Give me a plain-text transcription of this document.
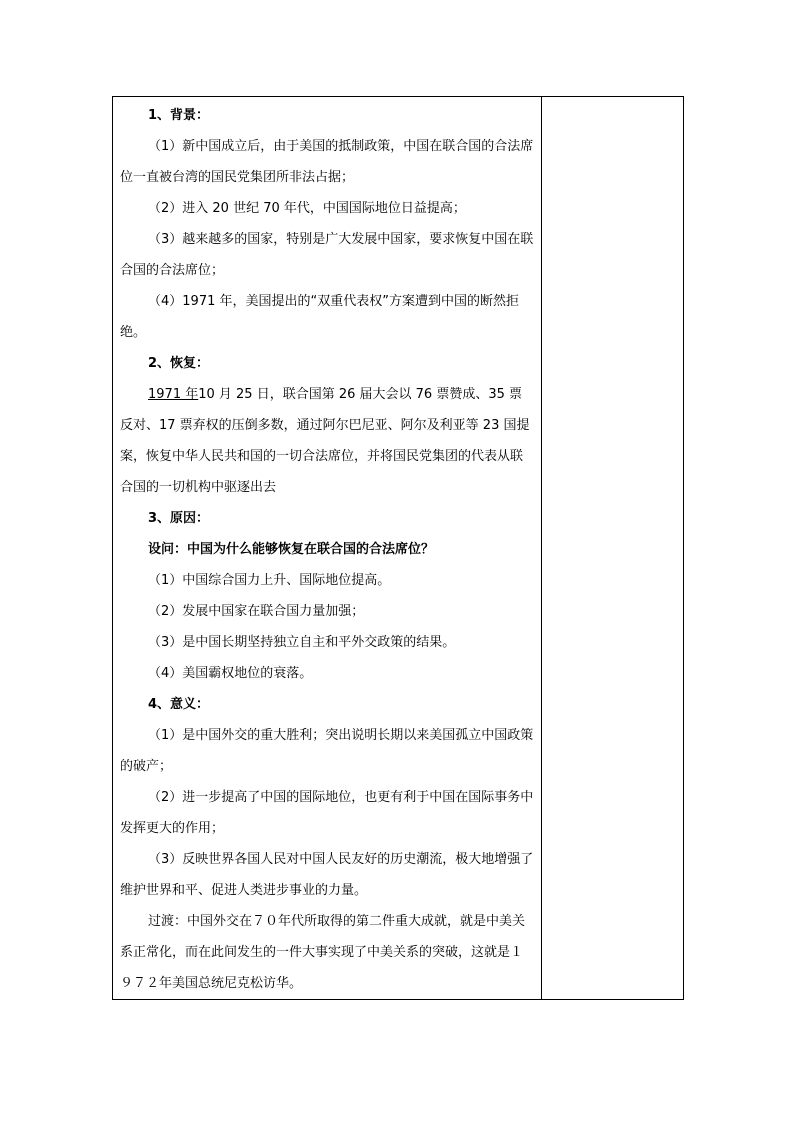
1、背景：

（1）新中国成立后，由于美国的抵制政策，中国在联合国的合法席位一直被台湾的国民党集团所非法占据；

（2）进入 20 世纪 70 年代，中国国际地位日益提高；

（3）越来越多的国家，特别是广大发展中国家，要求恢复中国在联合国的合法席位；

（4）1971 年，美国提出的“双重代表权”方案遭到中国的断然拒绝。

2、恢复：

1971 年10 月 25 日，联合国第 26 届大会以 76 票赞成、35 票反对、17 票弃权的压倒多数，通过阿尔巴尼亚、阿尔及利亚等 23 国提案，恢复中华人民共和国的一切合法席位，并将国民党集团的代表从联合国的一切机构中驱逐出去

3、原因：

设问：中国为什么能够恢复在联合国的合法席位？

（1）中国综合国力上升、国际地位提高。

（2）发展中国家在联合国力量加强；

（3）是中国长期坚持独立自主和平外交政策的结果。

（4）美国霸权地位的衰落。

4、意义：

（1）是中国外交的重大胜利；突出说明长期以来美国孤立中国政策的破产；

（2）进一步提高了中国的国际地位，也更有利于中国在国际事务中发挥更大的作用；

（3）反映世界各国人民对中国人民友好的历史潮流，极大地增强了维护世界和平、促进人类进步事业的力量。

过渡：中国外交在７０年代所取得的第二件重大成就，就是中美关系正常化，而在此间发生的一件大事实现了中美关系的突破，这就是１９７２年美国总统尼克松访华。
